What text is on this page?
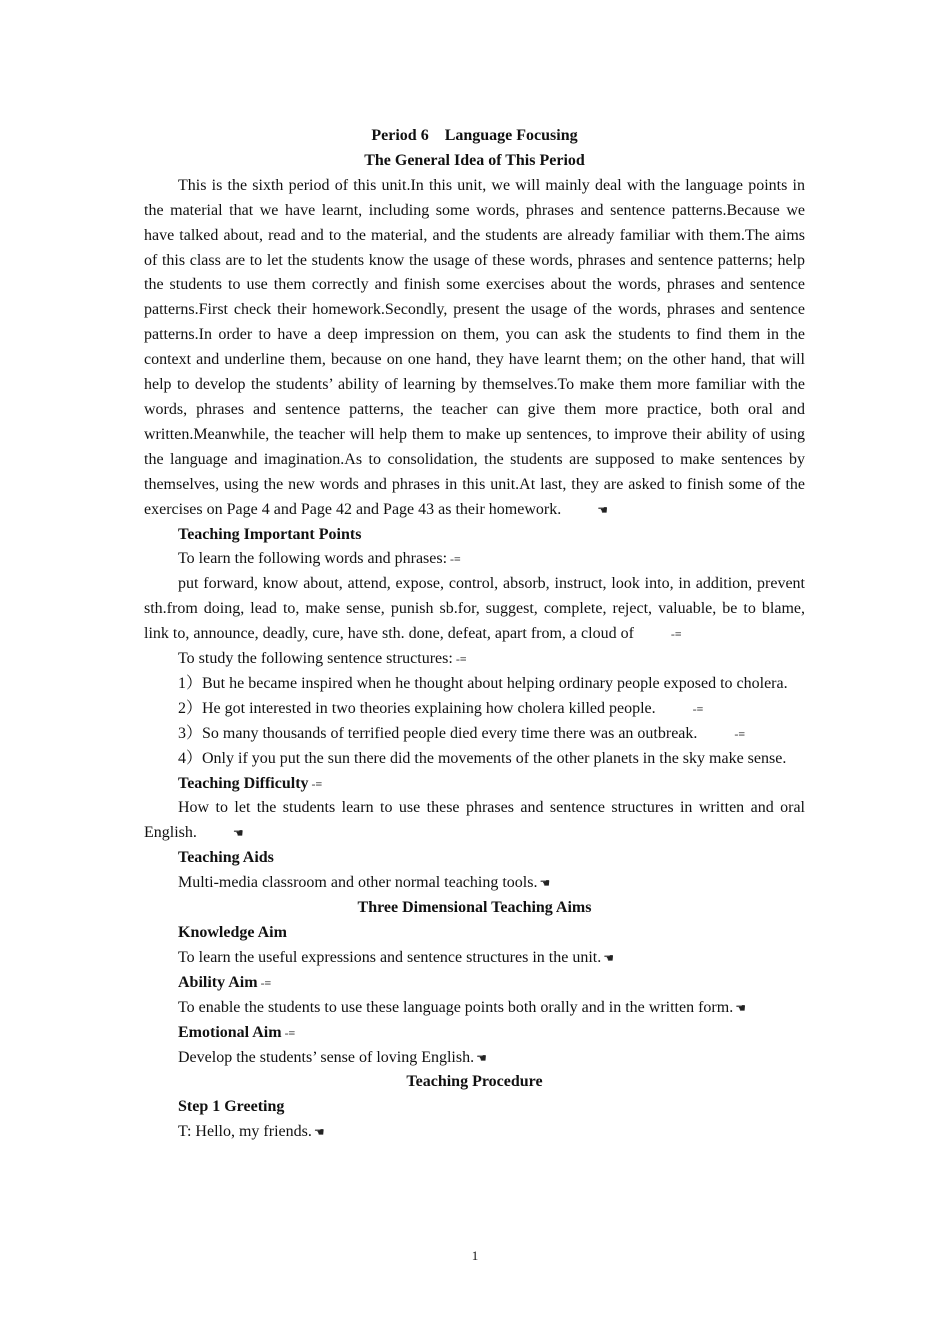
Period 6    Language Focusing
The General Idea of This Period

This is the sixth period of this unit.In this unit, we will mainly deal with the language points in the material that we have learnt, including some words, phrases and sentence patterns.Because we have talked about, read and to the material, and the students are already familiar with them.The aims of this class are to let the students know the usage of these words, phrases and sentence patterns; help the students to use them correctly and finish some exercises about the words, phrases and sentence patterns.First check their homework.Secondly, present the usage of the words, phrases and sentence patterns.In order to have a deep impression on them, you can ask the students to find them in the context and underline them, because on one hand, they have learnt them; on the other hand, that will help to develop the students’ ability of learning by themselves.To make them more familiar with the words, phrases and sentence patterns, the teacher can give them more practice, both oral and written.Meanwhile, the teacher will help them to make up sentences, to improve their ability of using the language and imagination.As to consolidation, the students are supposed to make sentences by themselves, using the new words and phrases in this unit.At last, they are asked to finish some of the exercises on Page 4 and Page 42 and Page 43 as their homework.	☚

Teaching Important Points

To learn the following words and phrases: -≡

put forward, know about, attend, expose, control, absorb, instruct, look into, in addition, prevent sth.from doing, lead to, make sense, punish sb.for, suggest, complete, reject, valuable, be to blame, link to, announce, deadly, cure, have sth. done, defeat, apart from, a cloud of	-≡

To study the following sentence structures: -≡

1）But he became inspired when he thought about helping ordinary people exposed to cholera.

2）He got interested in two theories explaining how cholera killed people.	-≡

3）So many thousands of terrified people died every time there was an outbreak.	-≡

4）Only if you put the sun there did the movements of the other planets in the sky make sense.

Teaching Difficulty -≡

How to let the students learn to use these phrases and sentence structures in written and oral English.	☚

Teaching Aids

Multi-media classroom and other normal teaching tools. ☚

Three Dimensional Teaching Aims

Knowledge Aim

To learn the useful expressions and sentence structures in the unit. ☚

Ability Aim -≡

To enable the students to use these language points both orally and in the written form. ☚

Emotional Aim -≡

Develop the students’ sense of loving English. ☚

Teaching Procedure

Step 1 Greeting

T: Hello, my friends. ☚

1
